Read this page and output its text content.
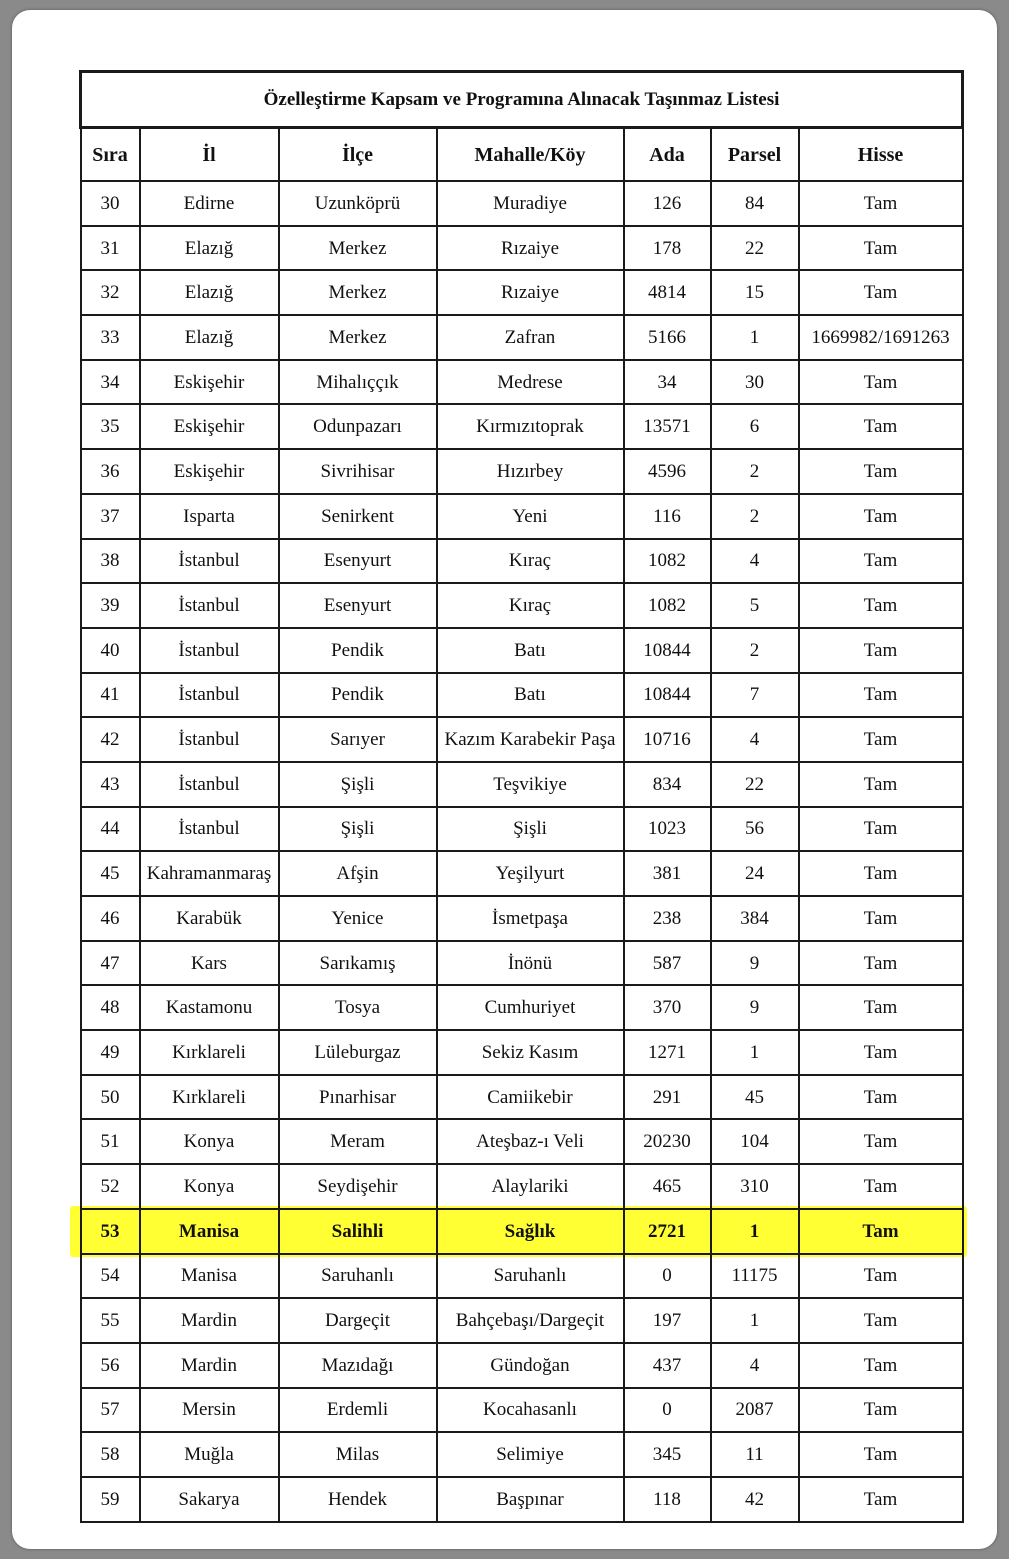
Özelleştirme Kapsam ve Programına Alınacak Taşınmaz Listesi						
Sıra	İl	İlçe	Mahalle/Köy	Ada	Parsel	Hisse
30	Edirne	Uzunköprü	Muradiye	126	84	Tam
31	Elazığ	Merkez	Rızaiye	178	22	Tam
32	Elazığ	Merkez	Rızaiye	4814	15	Tam
33	Elazığ	Merkez	Zafran	5166	1	1669982/1691263
34	Eskişehir	Mihalıççık	Medrese	34	30	Tam
35	Eskişehir	Odunpazarı	Kırmızıtoprak	13571	6	Tam
36	Eskişehir	Sivrihisar	Hızırbey	4596	2	Tam
37	Isparta	Senirkent	Yeni	116	2	Tam
38	İstanbul	Esenyurt	Kıraç	1082	4	Tam
39	İstanbul	Esenyurt	Kıraç	1082	5	Tam
40	İstanbul	Pendik	Batı	10844	2	Tam
41	İstanbul	Pendik	Batı	10844	7	Tam
42	İstanbul	Sarıyer	Kazım Karabekir Paşa	10716	4	Tam
43	İstanbul	Şişli	Teşvikiye	834	22	Tam
44	İstanbul	Şişli	Şişli	1023	56	Tam
45	Kahramanmaraş	Afşin	Yeşilyurt	381	24	Tam
46	Karabük	Yenice	İsmetpaşa	238	384	Tam
47	Kars	Sarıkamış	İnönü	587	9	Tam
48	Kastamonu	Tosya	Cumhuriyet	370	9	Tam
49	Kırklareli	Lüleburgaz	Sekiz Kasım	1271	1	Tam
50	Kırklareli	Pınarhisar	Camiikebir	291	45	Tam
51	Konya	Meram	Ateşbaz-ı Veli	20230	104	Tam
52	Konya	Seydişehir	Alaylariki	465	310	Tam
53	Manisa	Salihli	Sağlık	2721	1	Tam
54	Manisa	Saruhanlı	Saruhanlı	0	11175	Tam
55	Mardin	Dargeçit	Bahçebaşı/Dargeçit	197	1	Tam
56	Mardin	Mazıdağı	Gündoğan	437	4	Tam
57	Mersin	Erdemli	Kocahasanlı	0	2087	Tam
58	Muğla	Milas	Selimiye	345	11	Tam
59	Sakarya	Hendek	Başpınar	118	42	Tam
